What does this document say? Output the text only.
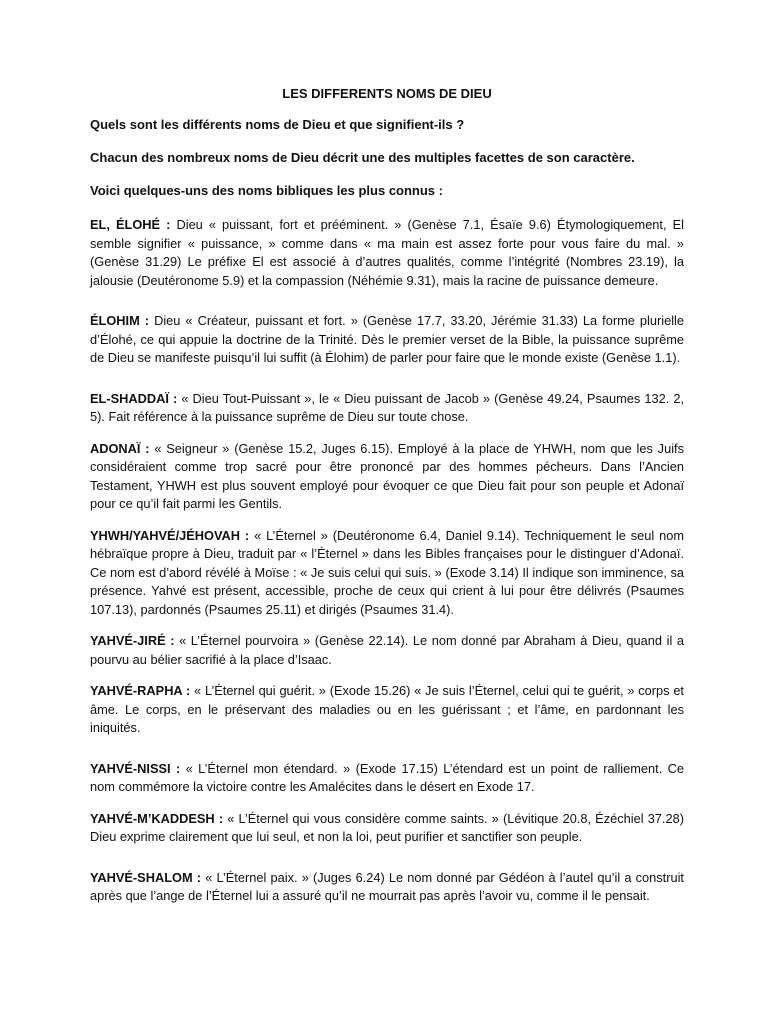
LES DIFFERENTS NOMS DE DIEU
Quels sont les différents noms de Dieu et que signifient-ils ?
Chacun des nombreux noms de Dieu décrit une des multiples facettes de son caractère.
Voici quelques-uns des noms bibliques les plus connus :

EL, ÉLOHÉ : Dieu « puissant, fort et prééminent. » (Genèse 7.1, Ésaïe 9.6) Étymologiquement, El semble signifier « puissance, » comme dans « ma main est assez forte pour vous faire du mal. » (Genèse 31.29) Le préfixe El est associé à d’autres qualités, comme l’intégrité (Nombres 23.19), la jalousie (Deutéronome 5.9) et la compassion (Néhémie 9.31), mais la racine de puissance demeure.

ÉLOHIM : Dieu « Créateur, puissant et fort. » (Genèse 17.7, 33.20, Jérémie 31.33) La forme plurielle d’Élohé, ce qui appuie la doctrine de la Trinité. Dès le premier verset de la Bible, la puissance suprême de Dieu se manifeste puisqu’il lui suffit (à Élohim) de parler pour faire que le monde existe (Genèse 1.1).

EL-SHADDAÏ : « Dieu Tout-Puissant », le « Dieu puissant de Jacob » (Genèse 49.24, Psaumes 132. 2, 5). Fait référence à la puissance suprême de Dieu sur toute chose.

ADONAÏ : « Seigneur » (Genèse 15.2, Juges 6.15). Employé à la place de YHWH, nom que les Juifs considéraient comme trop sacré pour être prononcé par des hommes pécheurs. Dans l’Ancien Testament, YHWH est plus souvent employé pour évoquer ce que Dieu fait pour son peuple et Adonaï pour ce qu’il fait parmi les Gentils.

YHWH/YAHVÉ/JÉHOVAH : « L’Éternel » (Deutéronome 6.4, Daniel 9.14). Techniquement le seul nom hébraïque propre à Dieu, traduit par « l’Éternel » dans les Bibles françaises pour le distinguer d’Adonaï. Ce nom est d’abord révélé à Moïse : « Je suis celui qui suis. » (Exode 3.14) Il indique son imminence, sa présence. Yahvé est présent, accessible, proche de ceux qui crient à lui pour être délivrés (Psaumes 107.13), pardonnés (Psaumes 25.11) et dirigés (Psaumes 31.4).

YAHVÉ-JIRÉ : « L’Éternel pourvoira » (Genèse 22.14). Le nom donné par Abraham à Dieu, quand il a pourvu au bélier sacrifié à la place d’Isaac.

YAHVÉ-RAPHA : « L’Éternel qui guérit. » (Exode 15.26) « Je suis l’Éternel, celui qui te guérit, » corps et âme. Le corps, en le préservant des maladies ou en les guérissant ; et l’âme, en pardonnant les iniquités.

YAHVÉ-NISSI : « L’Éternel mon étendard. » (Exode 17.15) L’étendard est un point de ralliement. Ce nom commémore la victoire contre les Amalécites dans le désert en Exode 17.

YAHVÉ-M’KADDESH : « L’Éternel qui vous considère comme saints. » (Lévitique 20.8, Ézéchiel 37.28) Dieu exprime clairement que lui seul, et non la loi, peut purifier et sanctifier son peuple.

YAHVÉ-SHALOM : « L’Éternel paix. » (Juges 6.24) Le nom donné par Gédéon à l’autel qu’il a construit après que l’ange de l’Éternel lui a assuré qu’il ne mourrait pas après l’avoir vu, comme il le pensait.
